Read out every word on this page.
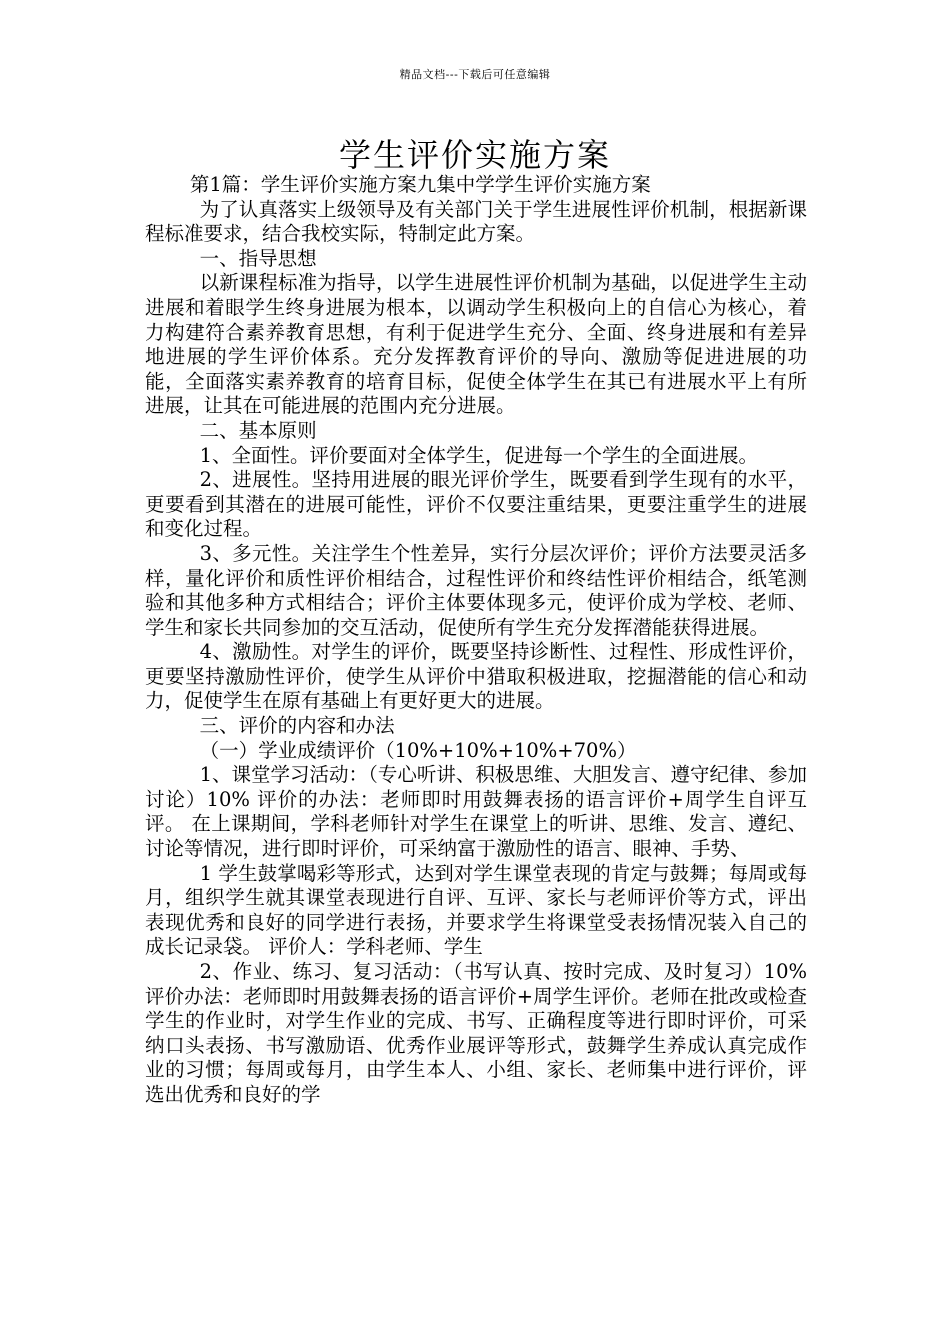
精品文档---下载后可任意编辑
学生评价实施方案

第1篇：学生评价实施方案九集中学学生评价实施方案

为了认真落实上级领导及有关部门关于学生进展性评价机制，根据新课程标准要求，结合我校实际，特制定此方案。

一、指导思想

以新课程标准为指导，以学生进展性评价机制为基础，以促进学生主动进展和着眼学生终身进展为根本，以调动学生积极向上的自信心为核心，着力构建符合素养教育思想，有利于促进学生充分、全面、终身进展和有差异地进展的学生评价体系。充分发挥教育评价的导向、激励等促进进展的功能，全面落实素养教育的培育目标，促使全体学生在其已有进展水平上有所进展，让其在可能进展的范围内充分进展。

二、基本原则

1、全面性。评价要面对全体学生，促进每一个学生的全面进展。

2、进展性。坚持用进展的眼光评价学生，既要看到学生现有的水平，更要看到其潜在的进展可能性，评价不仅要注重结果，更要注重学生的进展和变化过程。

3、多元性。关注学生个性差异，实行分层次评价；评价方法要灵活多样，量化评价和质性评价相结合，过程性评价和终结性评价相结合，纸笔测验和其他多种方式相结合；评价主体要体现多元，使评价成为学校、老师、学生和家长共同参加的交互活动，促使所有学生充分发挥潜能获得进展。

4、激励性。对学生的评价，既要坚持诊断性、过程性、形成性评价，更要坚持激励性评价，使学生从评价中猎取积极进取，挖掘潜能的信心和动力，促使学生在原有基础上有更好更大的进展。

三、评价的内容和办法

（一）学业成绩评价（10%+10%+10%+70%）

1、课堂学习活动：（专心听讲、积极思维、大胆发言、遵守纪律、参加讨论）10% 评价的办法：老师即时用鼓舞表扬的语言评价+周学生自评互评。 在上课期间，学科老师针对学生在课堂上的听讲、思维、发言、遵纪、讨论等情况，进行即时评价，可采纳富于激励性的语言、眼神、手势、

1 学生鼓掌喝彩等形式，达到对学生课堂表现的肯定与鼓舞；每周或每月，组织学生就其课堂表现进行自评、互评、家长与老师评价等方式，评出表现优秀和良好的同学进行表扬，并要求学生将课堂受表扬情况装入自己的成长记录袋。 评价人：学科老师、学生

2、作业、练习、复习活动：（书写认真、按时完成、及时复习）10% 评价办法：老师即时用鼓舞表扬的语言评价+周学生评价。老师在批改或检查学生的作业时，对学生作业的完成、书写、正确程度等进行即时评价，可采纳口头表扬、书写激励语、优秀作业展评等形式，鼓舞学生养成认真完成作业的习惯；每周或每月，由学生本人、小组、家长、老师集中进行评价，评选出优秀和良好的学
